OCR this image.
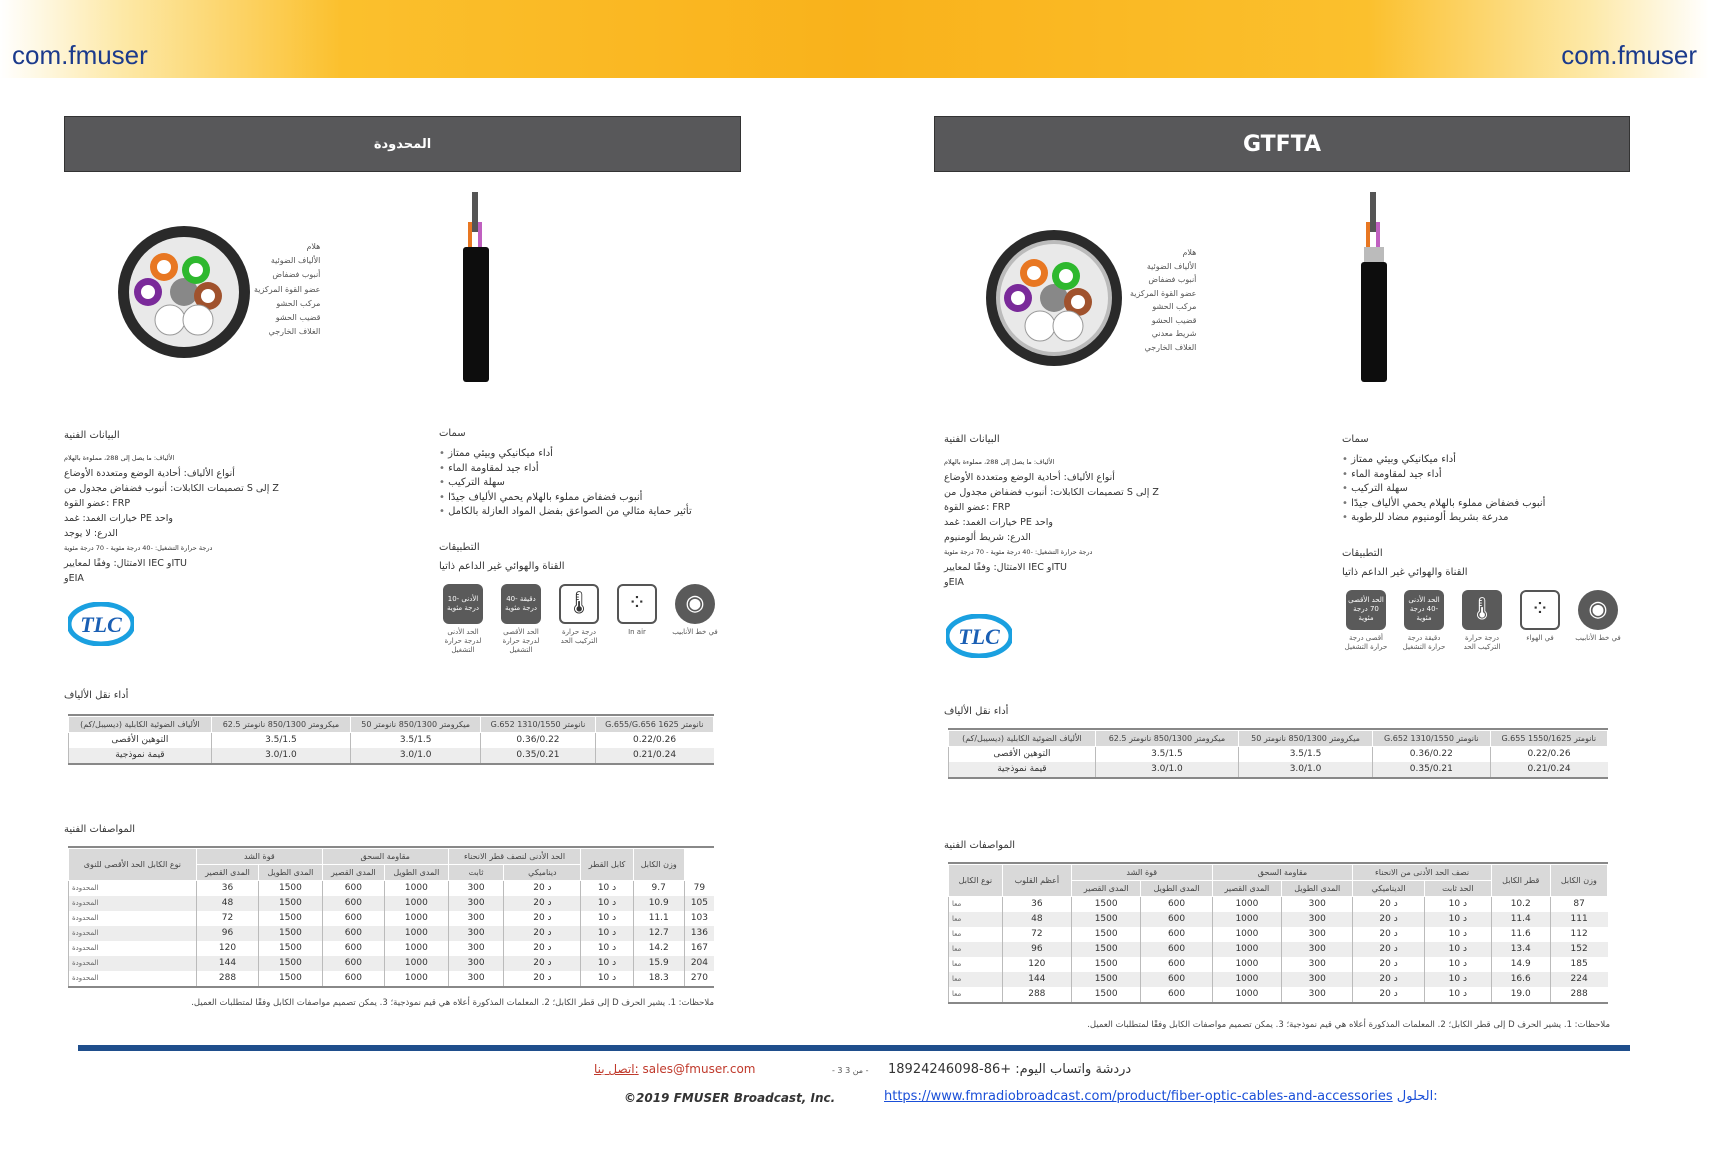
com.fmuser	com.fmuser
المحدودة
هلام
الألياف الضوئية
أنبوب فضفاض
عضو القوة المركزية
مركب الحشو
قضيب الحشو
الغلاف الخارجي
البيانات الفنية
الألياف: ما يصل إلى 288، مملوءة بالهلام
أنواع الألياف: أحادية الوضع ومتعددة الأوضاع
تصميمات الكابلات: أنبوب فضفاض مجدول من S إلى Z
عضو القوة: FRP
خيارات الغمد: غمد PE واحد
الدرع: لا يوجد
درجة حرارة التشغيل: -40 درجة مئوية - 70 درجة مئوية
الامتثال: وفقًا لمعايير IEC وITU
وEIA
سمات
أداء ميكانيكي وبيئي ممتاز •
أداء جيد لمقاومة الماء •
سهلة التركيب •
أنبوب فضفاض مملوء بالهلام يحمي الألياف جيدًا •
تأثير حماية مثالي من الصواعق بفضل المواد العازلة بالكامل •
التطبيقات
القناة والهوائي غير الداعم ذاتيا
الأدنى -10 درجة مئوية
الحد الأدنى لدرجة حرارة التشغيل
دقيقة -40 درجة مئوية
الحد الأقصى لدرجة حرارة التشغيل
🌡
درجة حرارة التركيب الحد
⁘
In air
◉
في خط الأنابيب
TLC
أداء نقل الألياف
الألياف الضوئية الكابلية (ديسيبل/كم)	62.5 ميكرومتر 850/1300 نانومتر	50 ميكرومتر 850/1300 نانومتر	G.652 1310/1550 نانومتر	G.655/G.656 1625 نانومتر
التوهين الأقصى	3.5/1.5	3.5/1.5	0.36/0.22	0.22/0.26
قيمة نموذجية	3.0/1.0	3.0/1.0	0.35/0.21	0.21/0.24
المواصفات الفنية
نوع الكابل الحد الأقصى للنوى	قوة الشد		مقاومة السحق		الحد الأدنى لنصف قطر الانحناء		كابل القطر	وزن الكابل	
	المدى القصير	المدى الطويل	المدى القصير	المدى الطويل	ثابت	ديناميكي			
المحدودة	36	1500	600	1000	300	20 د	10 د	9.7	79
المحدودة	48	1500	600	1000	300	20 د	10 د	10.9	105
المحدودة	72	1500	600	1000	300	20 د	10 د	11.1	103
المحدودة	96	1500	600	1000	300	20 د	10 د	12.7	136
المحدودة	120	1500	600	1000	300	20 د	10 د	14.2	167
المحدودة	144	1500	600	1000	300	20 د	10 د	15.9	204
المحدودة	288	1500	600	1000	300	20 د	10 د	18.3	270
ملاحظات: 1. يشير الحرف D إلى قطر الكابل؛ 2. المعلمات المذكورة أعلاه هي قيم نموذجية؛ 3. يمكن تصميم مواصفات الكابل وفقًا لمتطلبات العميل.
GTFTA
هلام
الألياف الضوئية
أنبوب فضفاض
عضو القوة المركزية
مركب الحشو
قضيب الحشو
شريط معدني
الغلاف الخارجي
البيانات الفنية
الألياف: ما يصل إلى 288، مملوءة بالهلام
أنواع الألياف: أحادية الوضع ومتعددة الأوضاع
تصميمات الكابلات: أنبوب فضفاض مجدول من S إلى Z
عضو القوة: FRP
خيارات الغمد: غمد PE واحد
الدرع: شريط ألومنيوم
درجة حرارة التشغيل: -40 درجة مئوية - 70 درجة مئوية
الامتثال: وفقًا لمعايير IEC وITU
وEIA
سمات
أداء ميكانيكي وبيئي ممتاز •
أداء جيد لمقاومة الماء •
سهلة التركيب •
أنبوب فضفاض مملوء بالهلام يحمي الألياف جيدًا •
مدرعة بشريط ألومنيوم مضاد للرطوبة •
التطبيقات
القناة والهوائي غير الداعم ذاتيا
الحد الأقصى 70 درجة مئوية
أقصى درجة حرارة التشغيل
الحد الأدنى -40 درجة مئوية
دقيقة درجة حرارة التشغيل
🌡
درجة حرارة التركيب الحد
⁘
في الهواء
◉
في خط الأنابيب
TLC
أداء نقل الألياف
الألياف الضوئية الكابلية (ديسيبل/كم)	62.5 ميكرومتر 850/1300 نانومتر	50 ميكرومتر 850/1300 نانومتر	G.652 1310/1550 نانومتر	G.655 1550/1625 نانومتر
التوهين الأقصى	3.5/1.5	3.5/1.5	0.36/0.22	0.22/0.26
قيمة نموذجية	3.0/1.0	3.0/1.0	0.35/0.21	0.21/0.24
المواصفات الفنية
نوع الكابل	أعظم القلوب	قوة الشد		مقاومة السحق		نصف الحد الأدنى من الانحناء		قطر الكابل	وزن الكابل
		المدى القصير	المدى الطويل	المدى القصير	المدى الطويل	الديناميكي	الحد ثابت		
معا	36	1500	600	1000	300	20 د	10 د	10.2	87
معا	48	1500	600	1000	300	20 د	10 د	11.4	111
معا	72	1500	600	1000	300	20 د	10 د	11.6	112
معا	96	1500	600	1000	300	20 د	10 د	13.4	152
معا	120	1500	600	1000	300	20 د	10 د	14.9	185
معا	144	1500	600	1000	300	20 د	10 د	16.6	224
معا	288	1500	600	1000	300	20 د	10 د	19.0	288
ملاحظات: 1. يشير الحرف D إلى قطر الكابل؛ 2. المعلمات المذكورة أعلاه هي قيم نموذجية؛ 3. يمكن تصميم مواصفات الكابل وفقًا لمتطلبات العميل.
اتصل بنا: sales@fmuser.com	- 3 من 3 - دردشة واتساب اليوم: +86-18924246098
©2019 FMUSER Broadcast, Inc.	https://www.fmradiobroadcast.com/product/fiber-optic-cables-and-accessories الحلول:
